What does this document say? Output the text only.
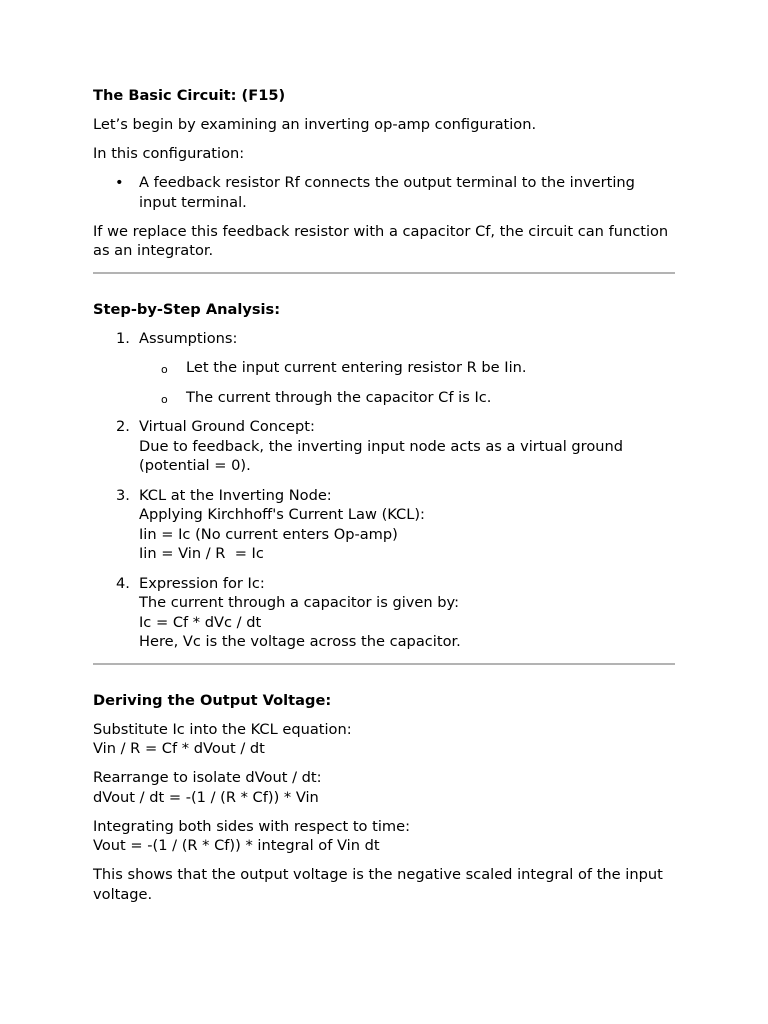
The Basic Circuit: (F15)

Let’s begin by examining an inverting op-amp configuration.

In this configuration:

• A feedback resistor Rf connects the output terminal to the inverting input terminal.

If we replace this feedback resistor with a capacitor Cf, the circuit can function as an integrator.

Step-by-Step Analysis:
1. Assumptions:
o Let the input current entering resistor R be Iin.
o The current through the capacitor Cf is Ic.
2. Virtual Ground Concept:
Due to feedback, the inverting input node acts as a virtual ground (potential = 0).
3. KCL at the Inverting Node:
Applying Kirchhoff's Current Law (KCL):
Iin = Ic (No current enters Op-amp)
Iin = Vin / R  = Ic
4. Expression for Ic:
The current through a capacitor is given by:
Ic = Cf * dVc / dt
Here, Vc is the voltage across the capacitor.
Deriving the Output Voltage:

Substitute Ic into the KCL equation:
Vin / R = Cf * dVout / dt

Rearrange to isolate dVout / dt:
dVout / dt = -(1 / (R * Cf)) * Vin

Integrating both sides with respect to time:
Vout = -(1 / (R * Cf)) * integral of Vin dt

This shows that the output voltage is the negative scaled integral of the input voltage.
